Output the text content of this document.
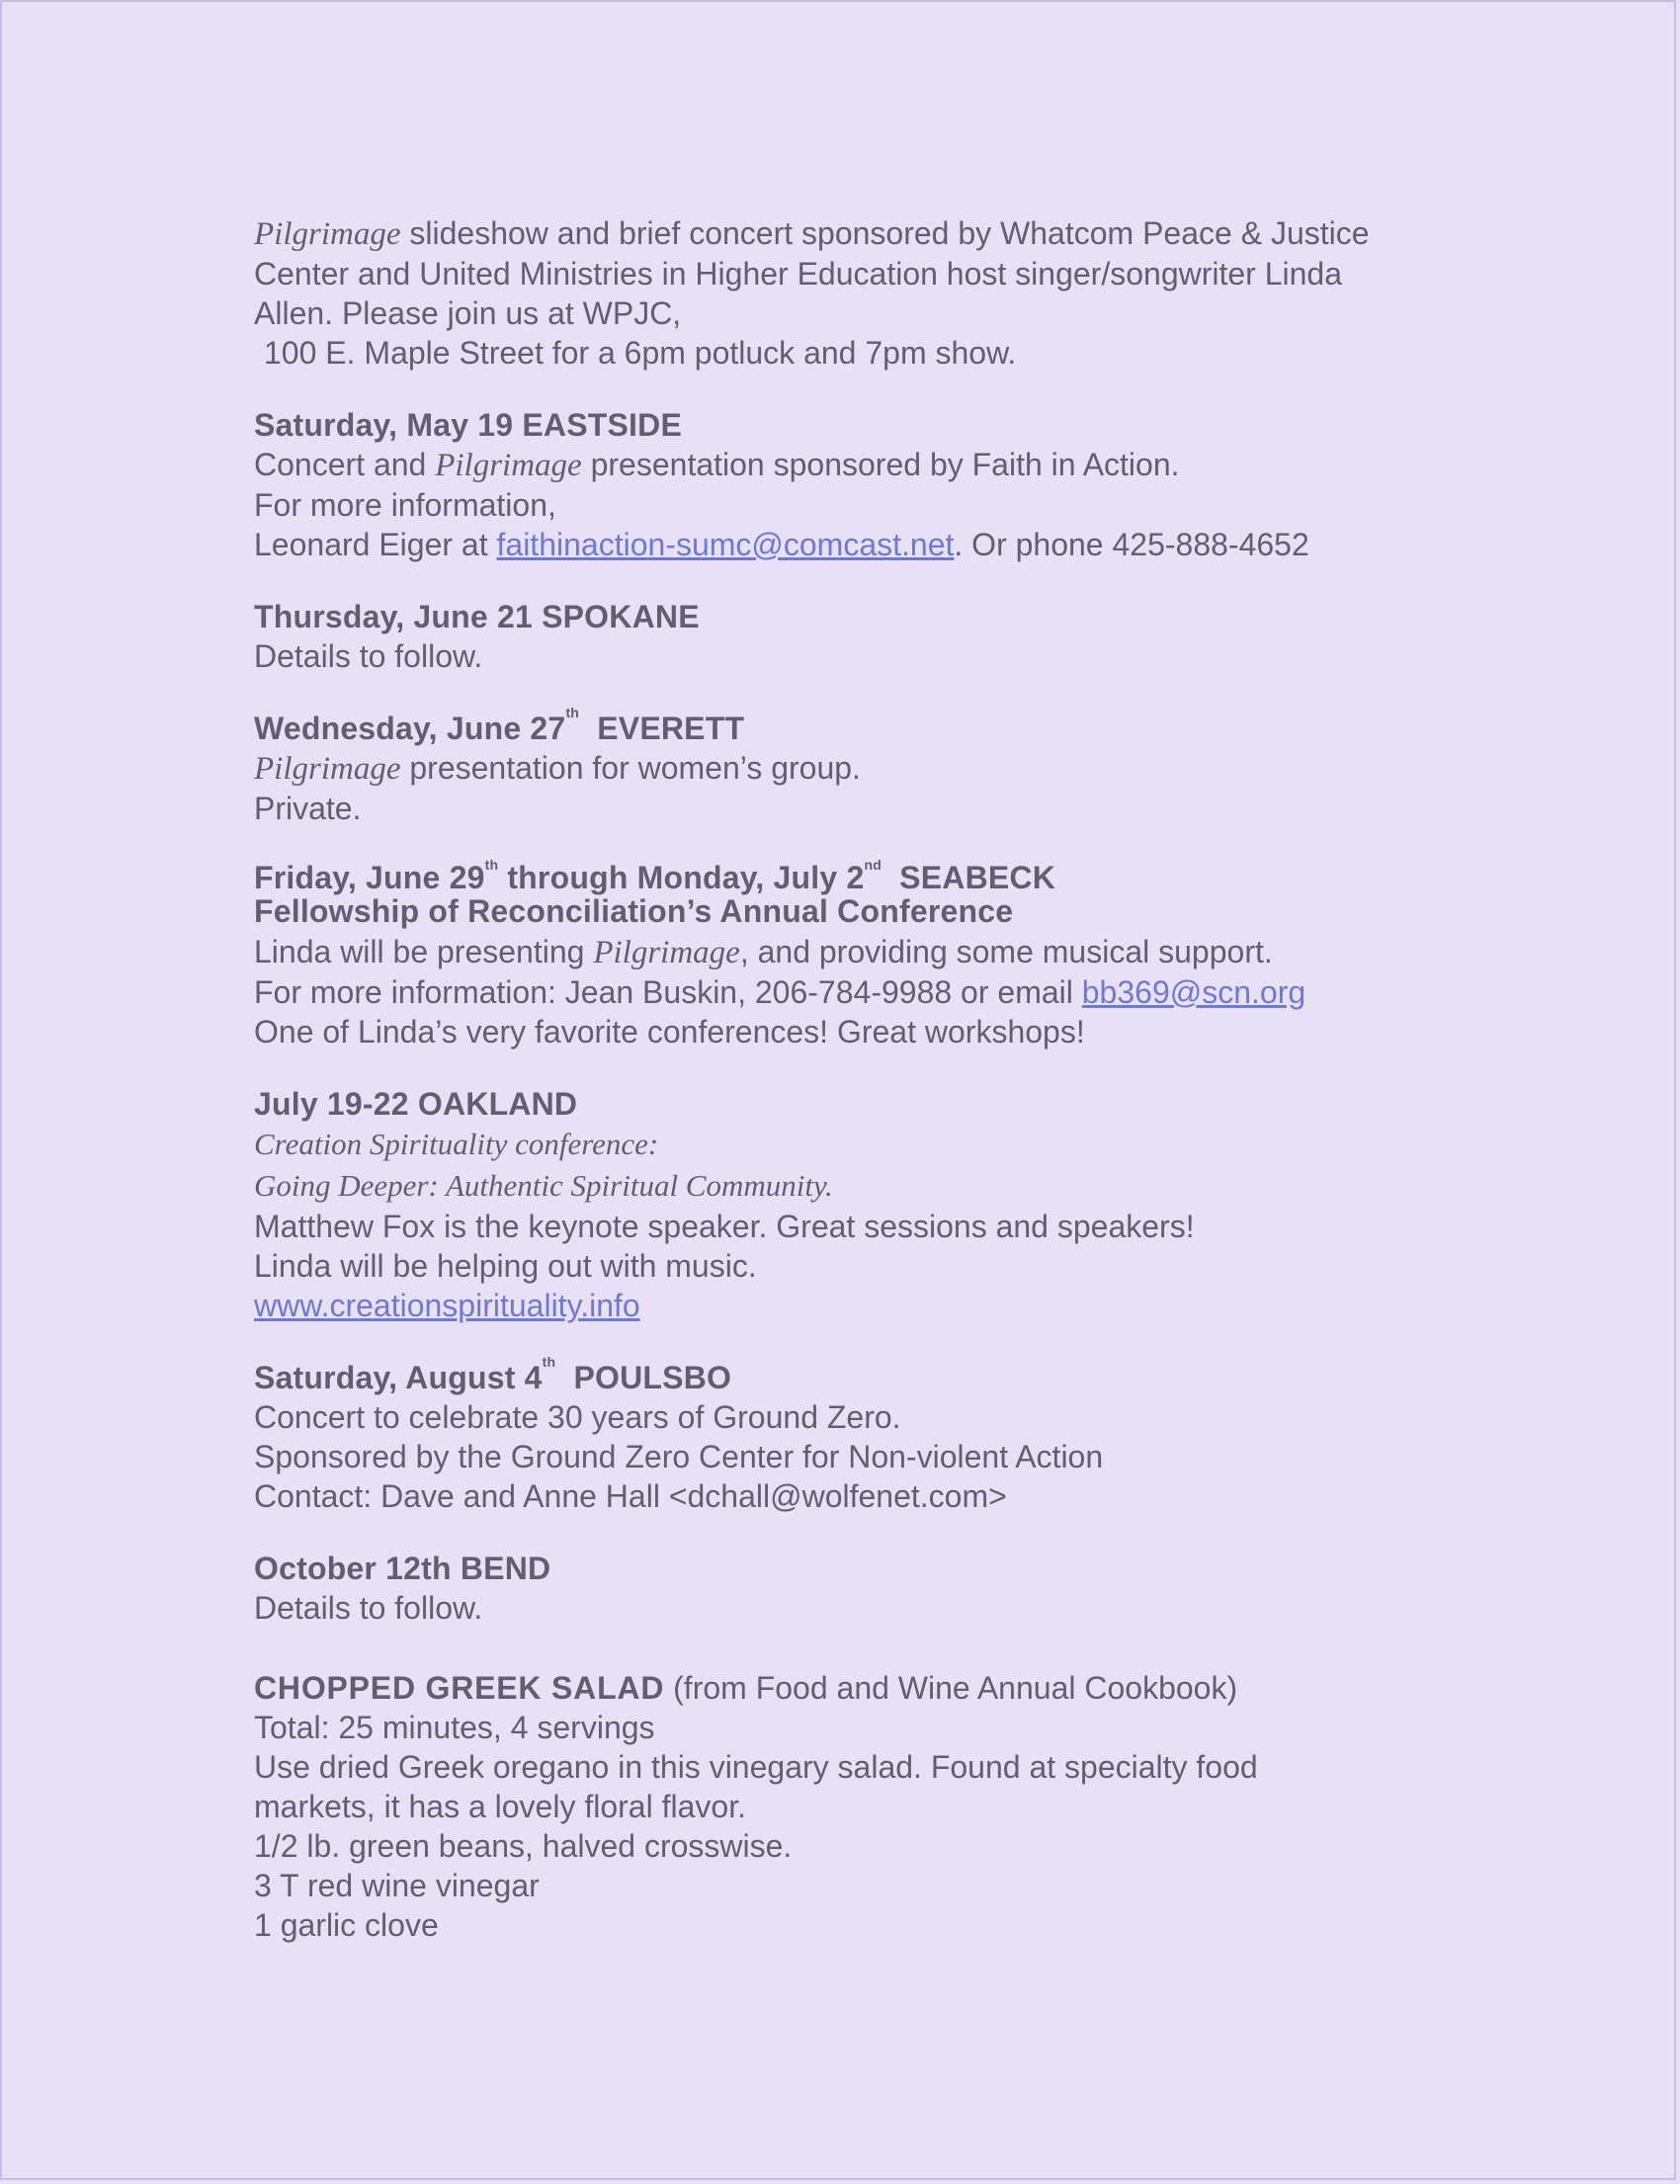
Pilgrimage slideshow and brief concert sponsored by Whatcom Peace & Justice
Center and United Ministries in Higher Education host singer/songwriter Linda
Allen. Please join us at WPJC,
100 E. Maple Street for a 6pm potluck and 7pm show.
Saturday, May 19 EASTSIDE
Concert and Pilgrimage presentation sponsored by Faith in Action.
For more information,
Leonard Eiger at faithinaction-sumc@comcast.net. Or phone 425-888-4652
Thursday, June 21 SPOKANE
Details to follow.
Wednesday, June 27th  EVERETT
Pilgrimage presentation for women’s group.
Private.
Friday, June 29th through Monday, July 2nd  SEABECK
Fellowship of Reconciliation’s Annual Conference
Linda will be presenting Pilgrimage, and providing some musical support.
For more information: Jean Buskin, 206-784-9988 or email bb369@scn.org
One of Linda’s very favorite conferences! Great workshops!
July 19-22 OAKLAND
Creation Spirituality conference:
Going Deeper: Authentic Spiritual Community.
Matthew Fox is the keynote speaker. Great sessions and speakers!
Linda will be helping out with music.
www.creationspirituality.info
Saturday, August 4th  POULSBO
Concert to celebrate 30 years of Ground Zero.
Sponsored by the Ground Zero Center for Non-violent Action
Contact: Dave and Anne Hall <dchall@wolfenet.com>
October 12th BEND
Details to follow.
CHOPPED GREEK SALAD (from Food and Wine Annual Cookbook)
Total: 25 minutes, 4 servings
Use dried Greek oregano in this vinegary salad. Found at specialty food
markets, it has a lovely floral flavor.
1/2 lb. green beans, halved crosswise.
3 T red wine vinegar
1 garlic clove
